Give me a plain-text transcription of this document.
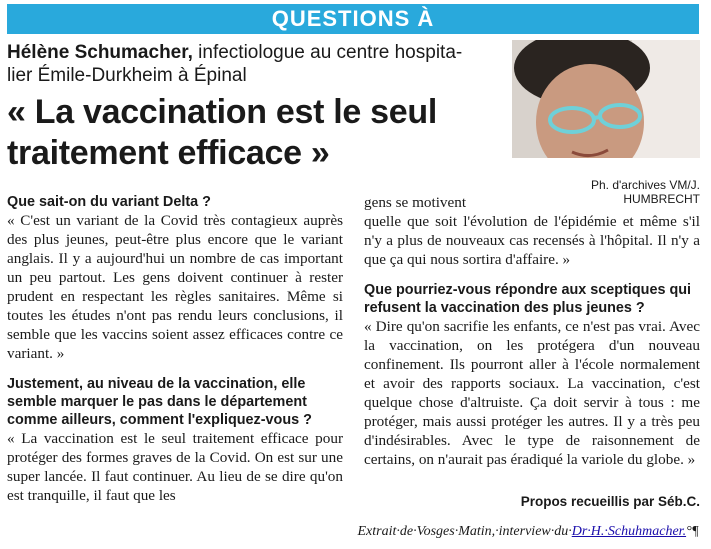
QUESTIONS À
Hélène Schumacher, infectiologue au centre hospita-
lier Émile-Durkheim à Épinal
« La vaccination est le seul
traitement efficace »
Ph. d'archives VM/J. HUMBRECHT

Que sait-on du variant Delta ?

« C'est un variant de la Covid très contagieux auprès des plus jeunes, peut-être plus encore que le variant anglais. Il y a aujourd'hui un nombre de cas important un peu partout. Les gens doivent continuer à rester prudent en respectant les règles sanitaires. Même si toutes les études n'ont pas rendu leurs conclusions, il semble que les vaccins soient assez efficaces contre ce variant. »

Justement, au niveau de la vaccination, elle semble marquer le pas dans le département comme ailleurs, comment l'expliquez-vous ?

« La vaccination est le seul traitement efficace pour protéger des formes graves de la Covid. On est sur une super lancée. Il faut continuer. Au lieu de se dire qu'on est tranquille, il faut que les

gens se motivent

quelle que soit l'évolution de l'épidémie et même s'il n'y a plus de nouveaux cas recensés à l'hôpital. Il n'y a que ça qui nous sortira d'affaire. »

Que pourriez-vous répondre aux sceptiques qui refusent la vaccination des plus jeunes ?

« Dire qu'on sacrifie les enfants, ce n'est pas vrai. Avec la vaccination, on les protégera d'un nouveau confinement. Ils pourront aller à l'école normalement et avoir des rapports sociaux. La vaccination, c'est quelque chose d'altruiste. Ça doit servir à tous : me protéger, mais aussi protéger les autres. Il y a très peu d'indésirables. Avec le type de raisonnement de certains, on n'aurait pas éradiqué la variole du globe. »

Propos recueillis par Séb.C.
Extrait·de·Vosges·Matin,·interview·du·Dr·H.·Schuhmacher.°¶
